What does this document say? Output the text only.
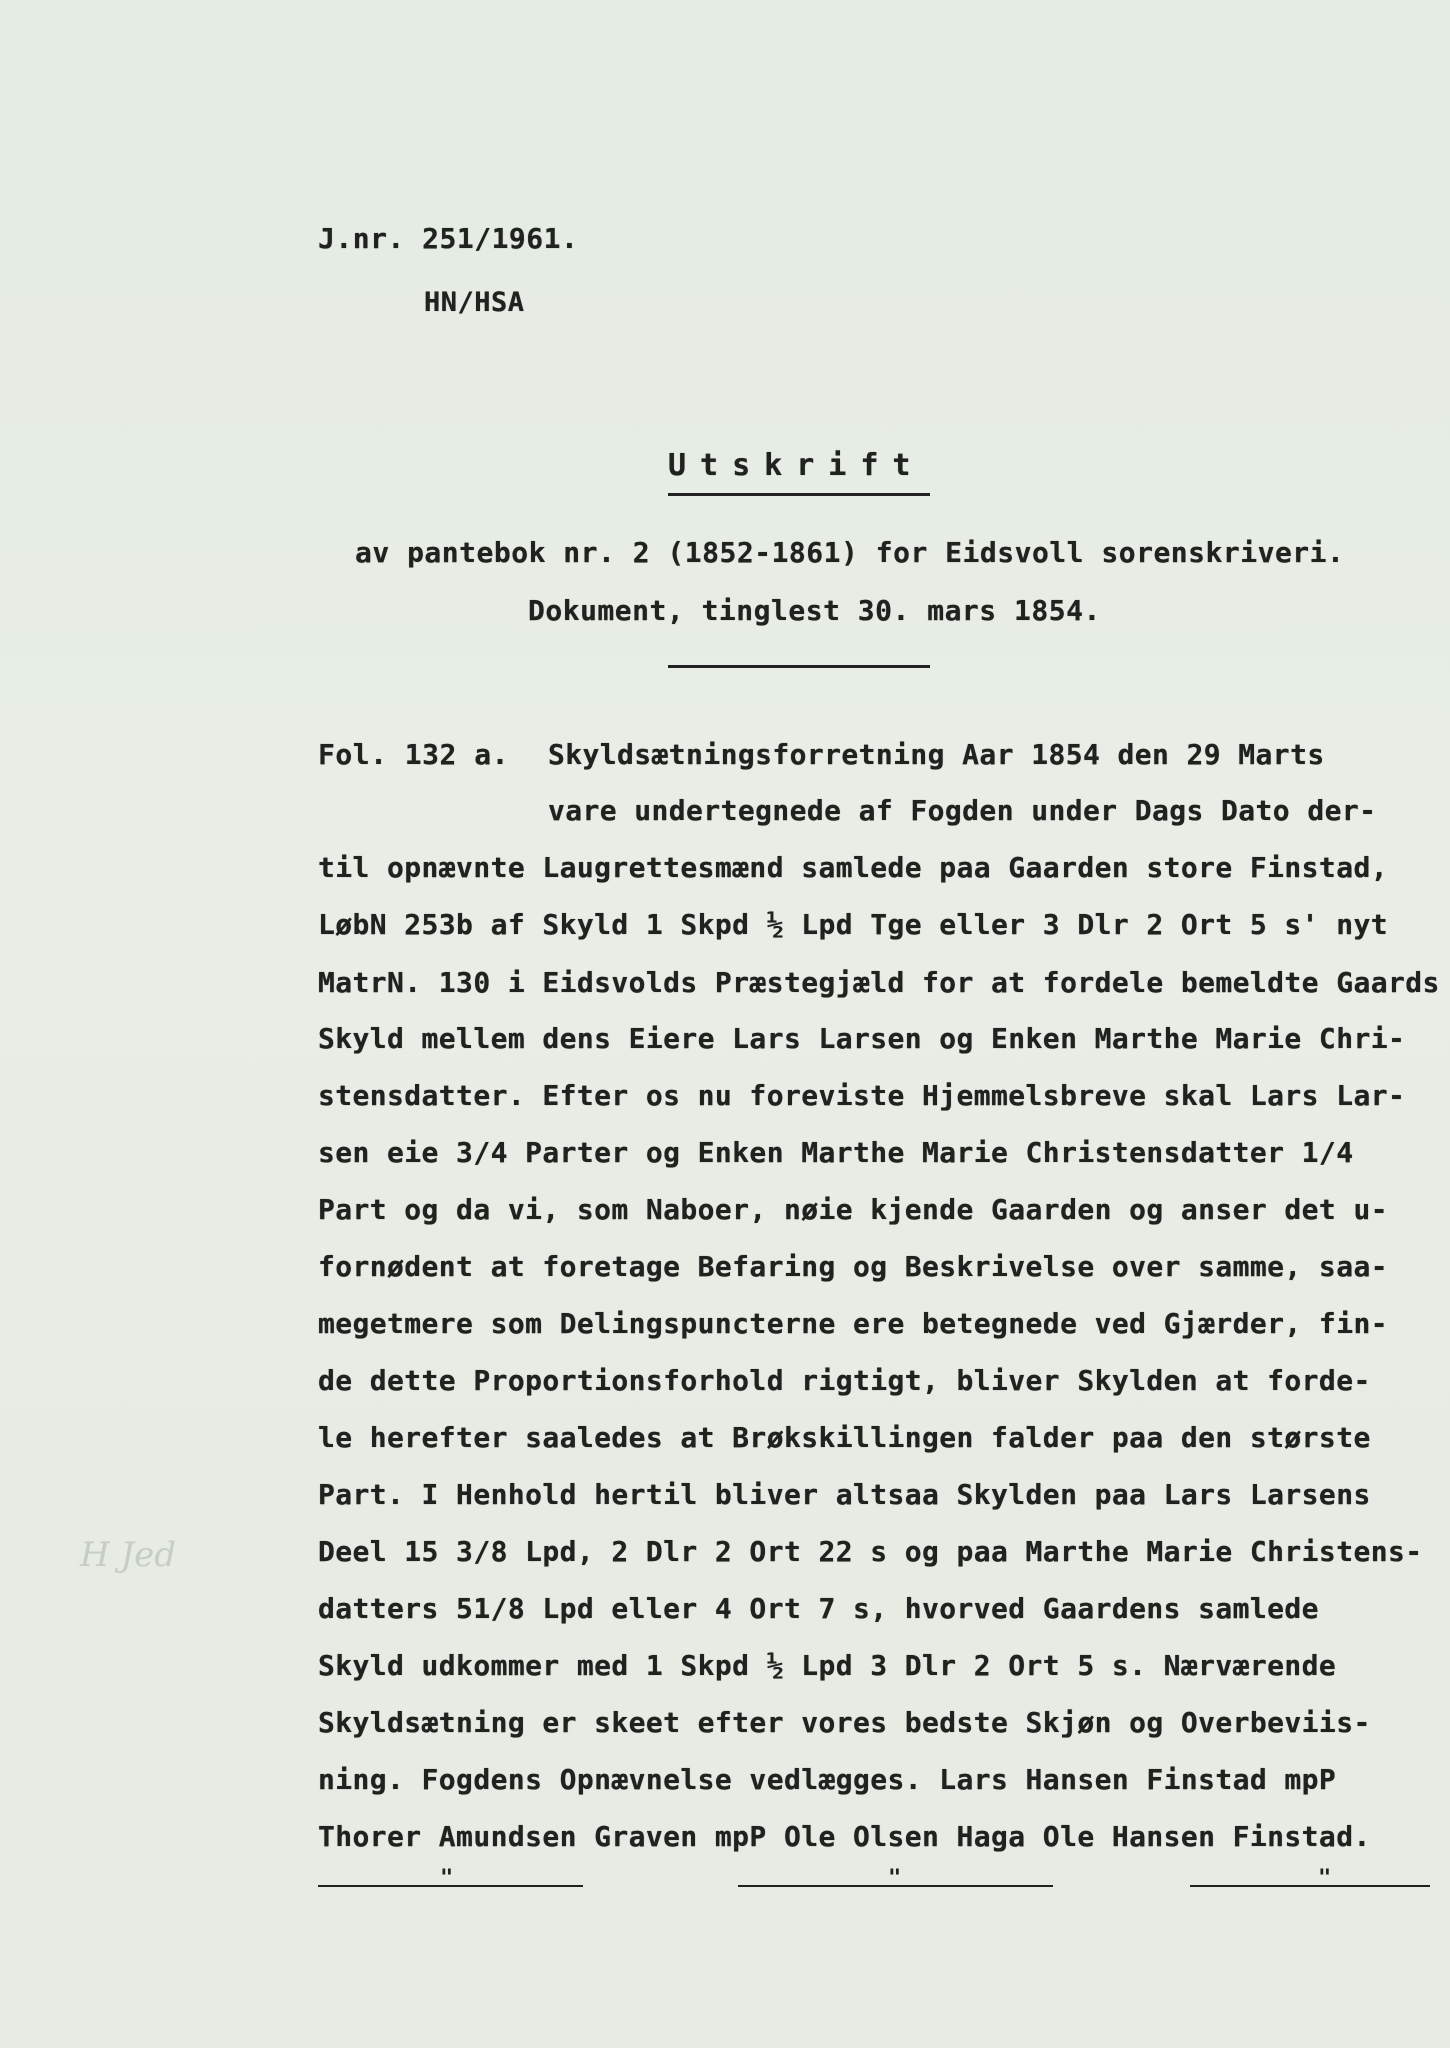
H Jed
J.nr. 251/1961.
HN/HSA
Utskrift
av pantebok nr. 2 (1852-1861) for Eidsvoll sorenskriveri.
Dokument, tinglest 30. mars 1854.
Fol. 132 a. Skyldsætningsforretning Aar 1854 den 29 Marts
vare undertegnede af Fogden under Dags Dato der-
til opnævnte Laugrettesmænd samlede paa Gaarden store Finstad,
LøbN 253b af Skyld 1 Skpd ½ Lpd Tge eller 3 Dlr 2 Ort 5 s' nyt
MatrN. 130 i Eidsvolds Præstegjæld for at fordele bemeldte Gaards
Skyld mellem dens Eiere Lars Larsen og Enken Marthe Marie Chri-
stensdatter. Efter os nu foreviste Hjemmelsbreve skal Lars Lar-
sen eie 3/4 Parter og Enken Marthe Marie Christensdatter 1/4
Part og da vi, som Naboer, nøie kjende Gaarden og anser det u-
fornødent at foretage Befaring og Beskrivelse over samme, saa-
megetmere som Delingspuncterne ere betegnede ved Gjærder, fin-
de dette Proportionsforhold rigtigt, bliver Skylden at forde-
le herefter saaledes at Brøkskillingen falder paa den største
Part. I Henhold hertil bliver altsaa Skylden paa Lars Larsens
Deel 15 3/8 Lpd, 2 Dlr 2 Ort 22 s og paa Marthe Marie Christens-
datters 51/8 Lpd eller 4 Ort 7 s, hvorved Gaardens samlede
Skyld udkommer med 1 Skpd ½ Lpd 3 Dlr 2 Ort 5 s. Nærværende
Skyldsætning er skeet efter vores bedste Skjøn og Overbeviis-
ning. Fogdens Opnævnelse vedlægges. Lars Hansen Finstad mpP
Thorer Amundsen Graven mpP Ole Olsen Haga Ole Hansen Finstad.
"	"	"
